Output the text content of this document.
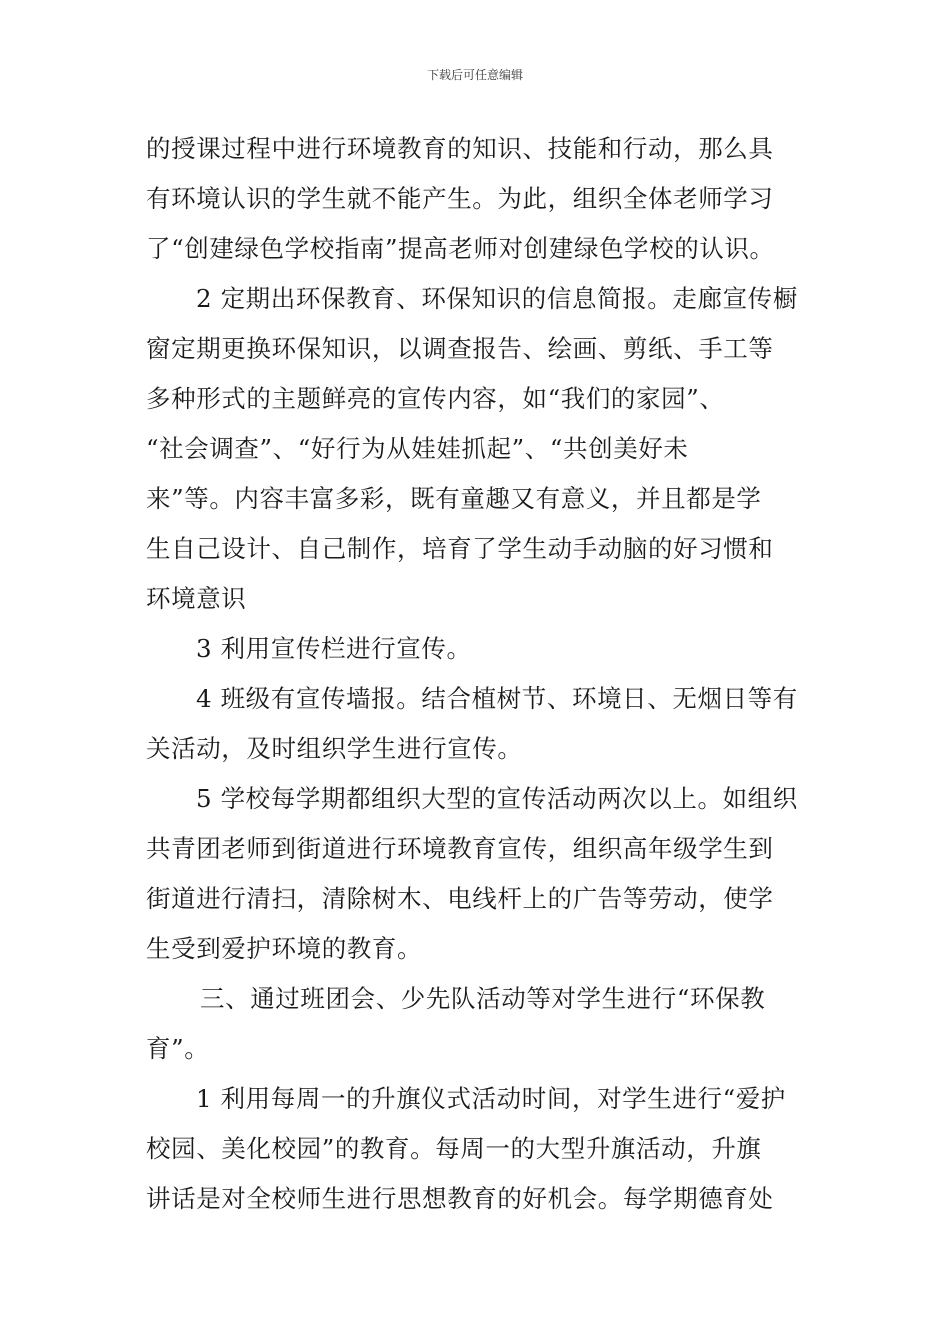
下载后可任意编辑
的授课过程中进行环境教育的知识、技能和行动，那么具
有环境认识的学生就不能产生。为此，组织全体老师学习
了“创建绿色学校指南”提高老师对创建绿色学校的认识。
2 定期出环保教育、环保知识的信息简报。走廊宣传橱
窗定期更换环保知识，以调查报告、绘画、剪纸、手工等
多种形式的主题鲜亮的宣传内容，如“我们的家园”、
“社会调查”、“好行为从娃娃抓起”、“共创美好未
来”等。内容丰富多彩，既有童趣又有意义，并且都是学
生自己设计、自己制作，培育了学生动手动脑的好习惯和
环境意识
3 利用宣传栏进行宣传。
4 班级有宣传墙报。结合植树节、环境日、无烟日等有
关活动，及时组织学生进行宣传。
5 学校每学期都组织大型的宣传活动两次以上。如组织
共青团老师到街道进行环境教育宣传，组织高年级学生到
街道进行清扫，清除树木、电线杆上的广告等劳动，使学
生受到爱护环境的教育。
三、通过班团会、少先队活动等对学生进行“环保教
育”。
1 利用每周一的升旗仪式活动时间，对学生进行“爱护
校园、美化校园”的教育。每周一的大型升旗活动，升旗
讲话是对全校师生进行思想教育的好机会。每学期德育处
